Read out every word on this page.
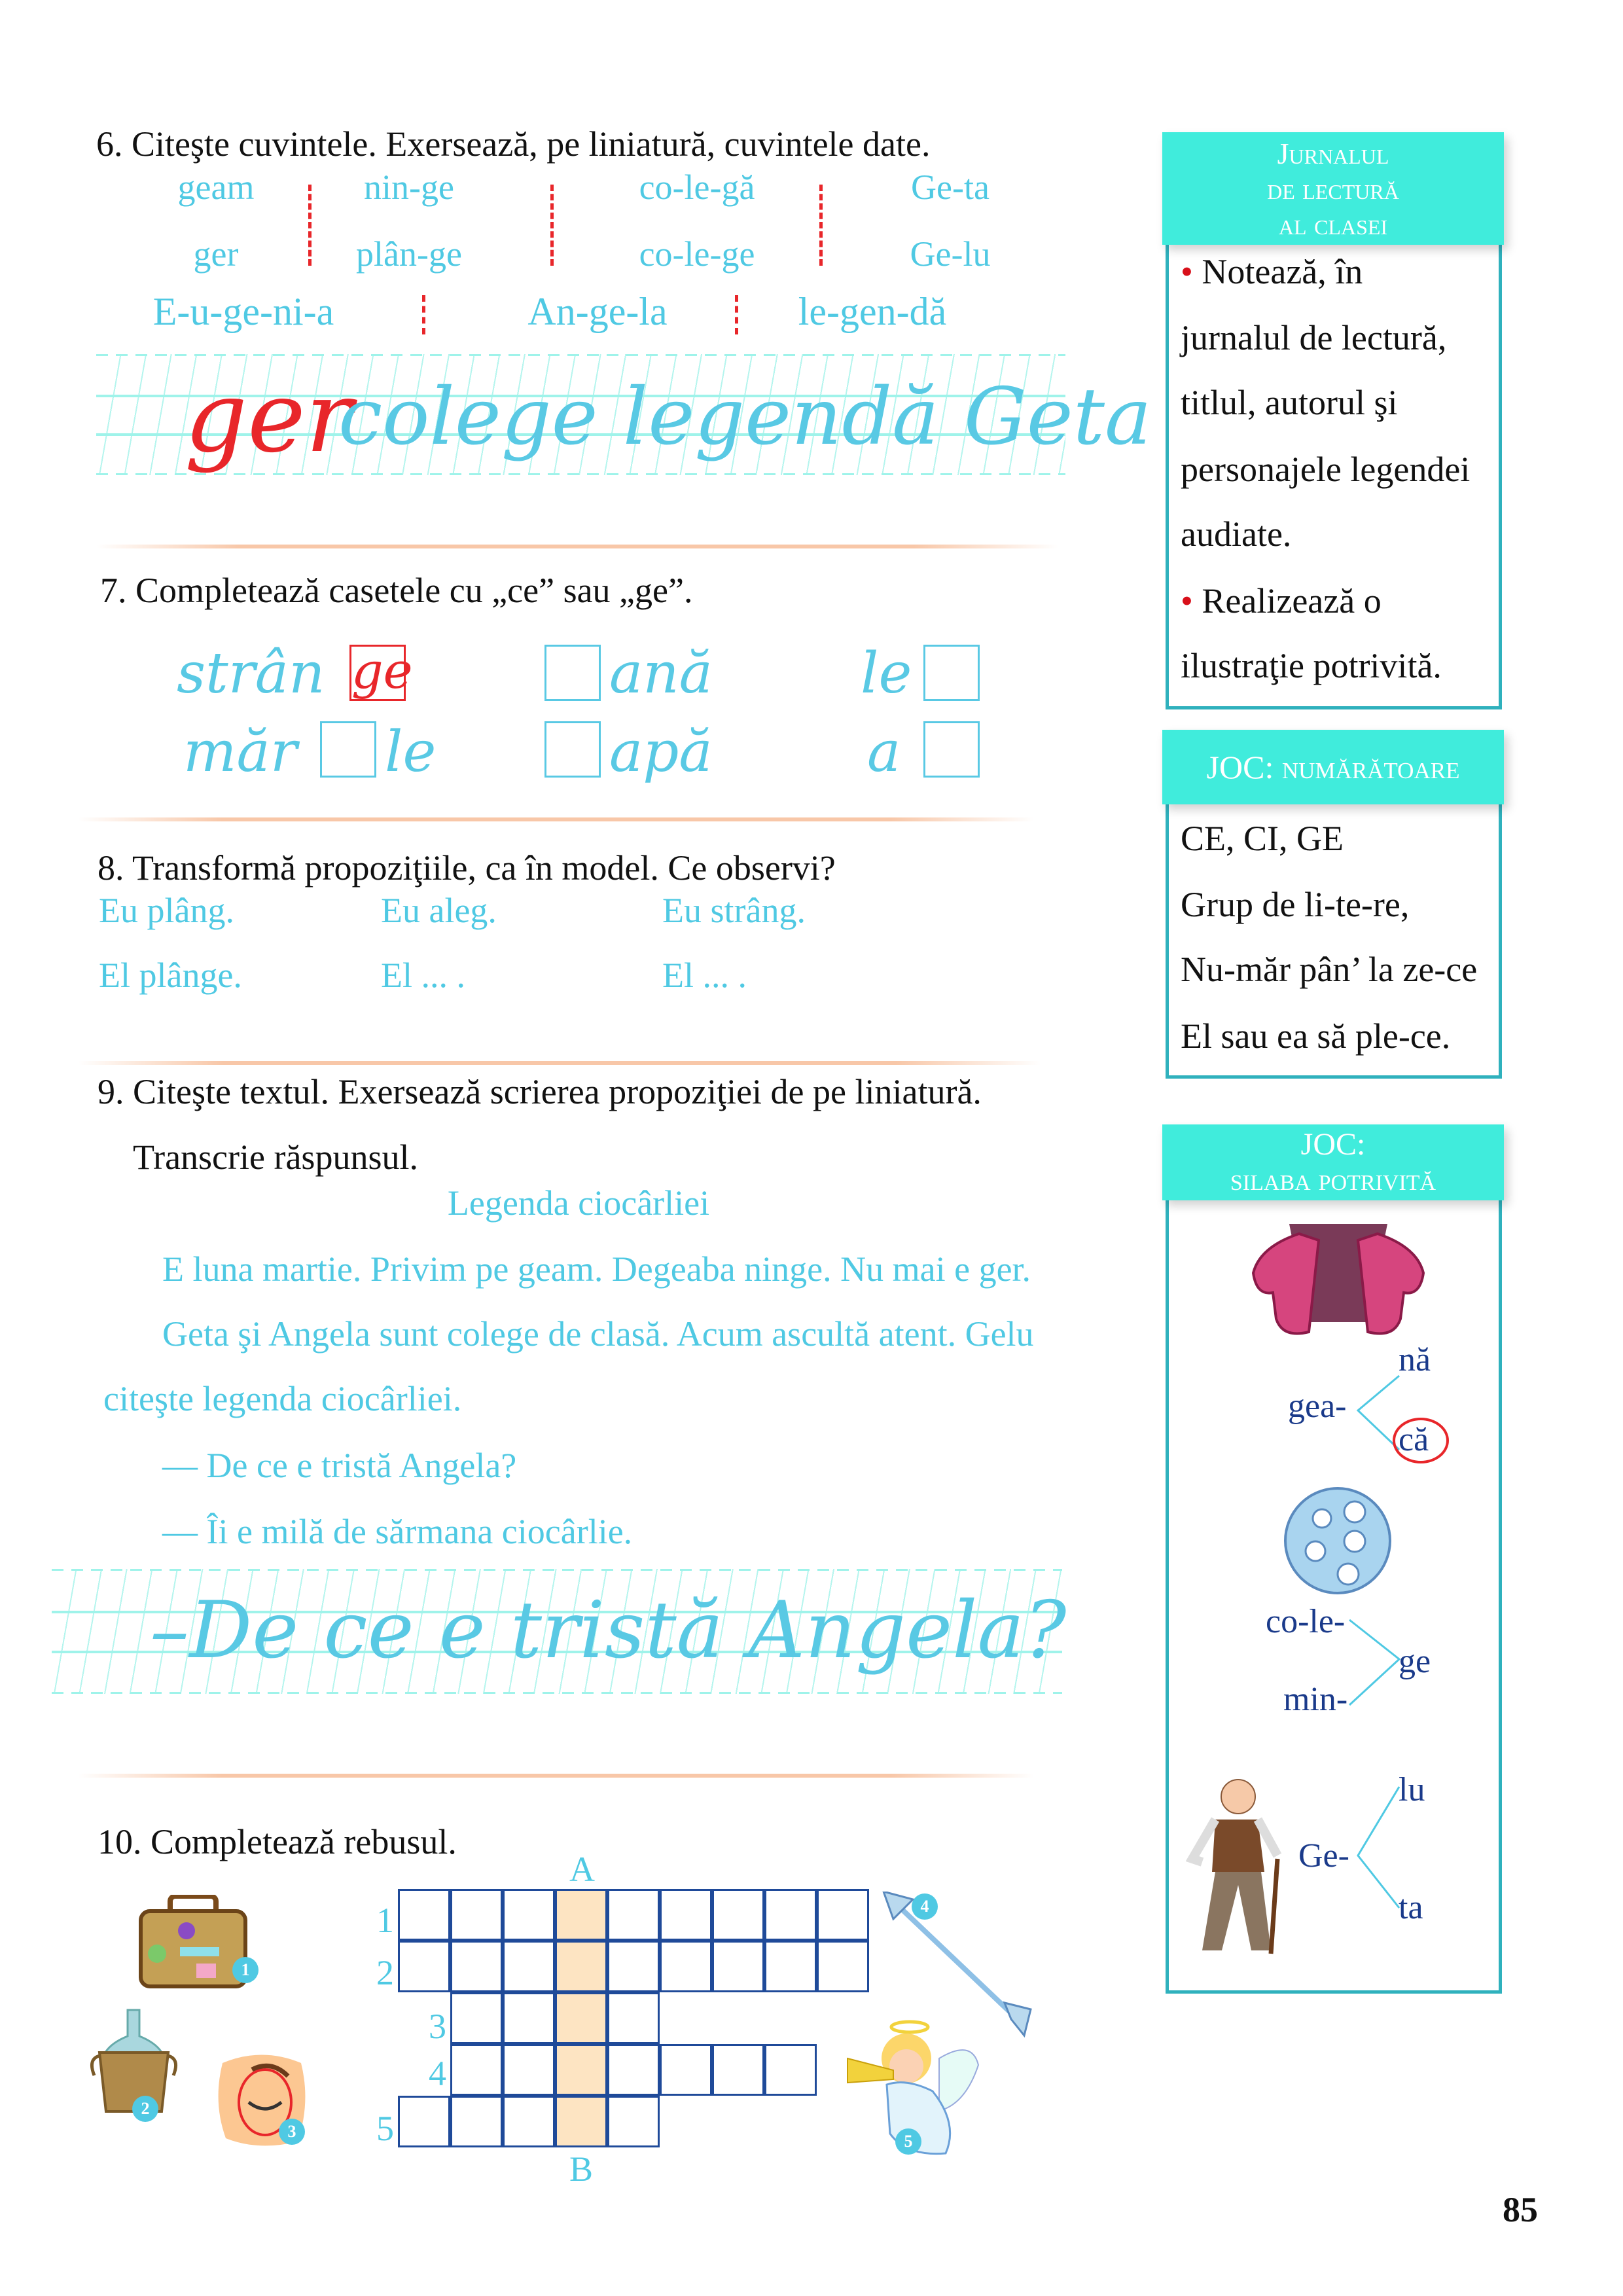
6. Citeşte cuvintele. Exersează, pe liniatură, cuvintele date.
geam	nin-ge	co-le-gă	Ge-ta
ger	plân-ge	co-le-ge	Ge-lu
E-u-ge-ni-a	An-ge-la	le-gen-dă
ger
colege legendă Geta
7. Completează casetele cu „ce” sau „ge”.
strân ge	ană	le
măr le	apă	a
8. Transformă propoziţiile, ca în model. Ce observi?
Eu plâng.	Eu aleg.	Eu strâng.
El plânge.	El ... .	El ... .
9. Citeşte textul. Exersează scrierea propoziţiei de pe liniatură.
Transcrie răspunsul.
Legenda ciocârliei
E luna martie. Privim pe geam. Degeaba ninge. Nu mai e ger.
Geta şi Angela sunt colege de clasă. Acum ascultă atent. Gelu
citeşte legenda ciocârliei.
— De ce e tristă Angela?
— Îi e milă de sărmana ciocârlie.
–De ce e tristă Angela?
10. Completează rebusul.
A
B
1
2
3
4
5
1
2
3
4
5
Jurnalul
de lectură
al clasei
• Notează, în
jurnalul de lectură,
titlul, autorul şi
personajele legendei
audiate.
• Realizează o
ilustraţie potrivită.
JOC: numărătoare
CE, CI, GE
Grup de li-te-re,
Nu-măr pân’ la ze-ce
El sau ea să ple-ce.
JOC:
silaba potrivită
gea-
nă
că
co-le-
min-
ge
Ge-
lu
ta
85
